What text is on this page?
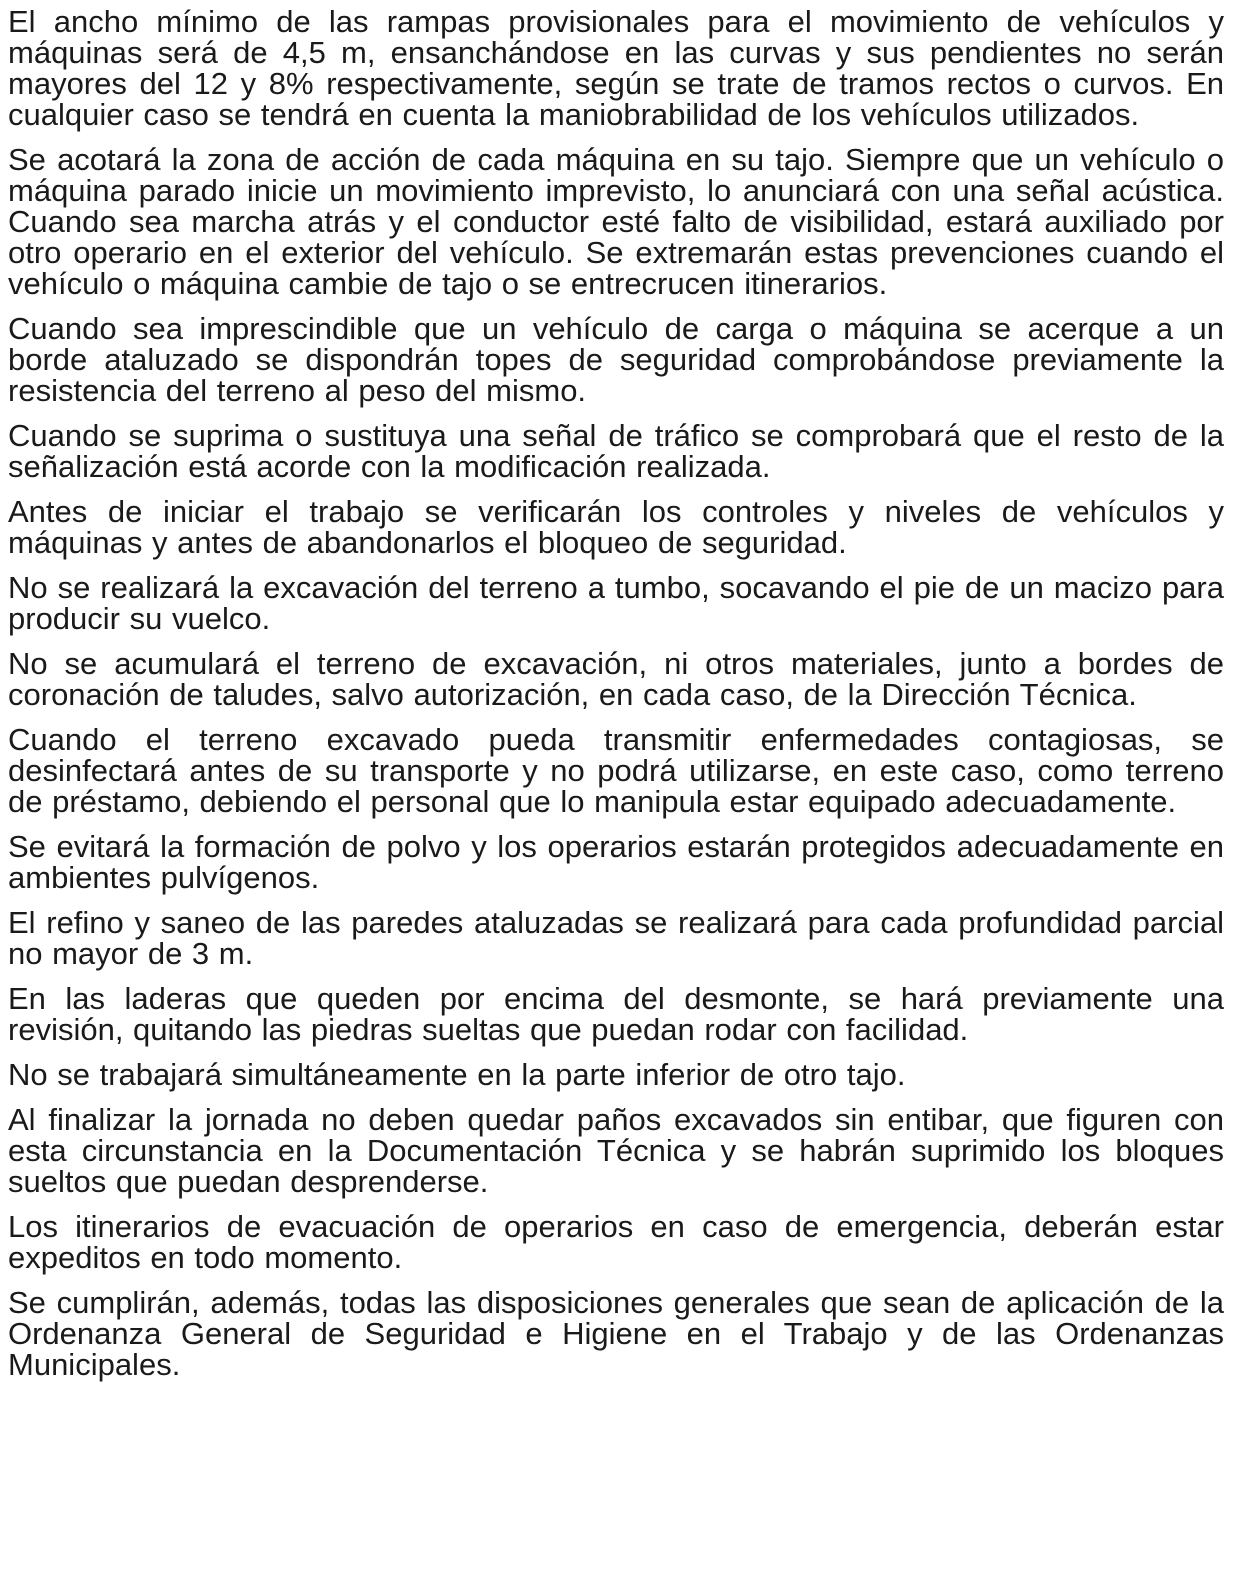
El ancho mínimo de las rampas provisionales para el movimiento de vehículos y máquinas será de 4,5 m, ensanchándose en las curvas y sus pendientes no serán mayores del 12 y 8% respectivamente, según se trate de tramos rectos o curvos. En cualquier caso se tendrá en cuenta la maniobrabilidad de los vehículos utilizados.

Se acotará la zona de acción de cada máquina en su tajo. Siempre que un vehículo o máquina parado inicie un movimiento imprevisto, lo anunciará con una señal acústica. Cuando sea marcha atrás y el conductor esté falto de visibilidad, estará auxiliado por otro operario en el exterior del vehículo. Se extremarán estas prevenciones cuando el vehículo o máquina cambie de tajo o se entrecrucen itinerarios.

Cuando sea imprescindible que un vehículo de carga o máquina se acerque a un borde ataluzado se dispondrán topes de seguridad comprobándose previamente la resistencia del terreno al peso del mismo.

Cuando se suprima o sustituya una señal de tráfico se comprobará que el resto de la señalización está acorde con la modificación realizada.

Antes de iniciar el trabajo se verificarán los controles y niveles de vehículos y máquinas y antes de abandonarlos el bloqueo de seguridad.

No se realizará la excavación del terreno a tumbo, socavando el pie de un macizo para producir su vuelco.

No se acumulará el terreno de excavación, ni otros materiales, junto a bordes de coronación de taludes, salvo autorización, en cada caso, de la Dirección Técnica.

Cuando el terreno excavado pueda transmitir enfermedades contagiosas, se desinfectará antes de su transporte y no podrá utilizarse, en este caso, como terreno de préstamo, debiendo el personal que lo manipula estar equipado adecuadamente.

Se evitará la formación de polvo y los operarios estarán protegidos adecuadamente en ambientes pulvígenos.

El refino y saneo de las paredes ataluzadas se realizará para cada profundidad parcial no mayor de 3 m.

En las laderas que queden por encima del desmonte, se hará previamente una revisión, quitando las piedras sueltas que puedan rodar con facilidad.

No se trabajará simultáneamente en la parte inferior de otro tajo.

Al finalizar la jornada no deben quedar paños excavados sin entibar, que figuren con esta circunstancia en la Documentación Técnica y se habrán suprimido los bloques sueltos que puedan desprenderse.

Los itinerarios de evacuación de operarios en caso de emergencia, deberán estar expeditos en todo momento.

Se cumplirán, además, todas las disposiciones generales que sean de aplicación de la Ordenanza General de Seguridad e Higiene en el Trabajo y de las Ordenanzas Municipales.
